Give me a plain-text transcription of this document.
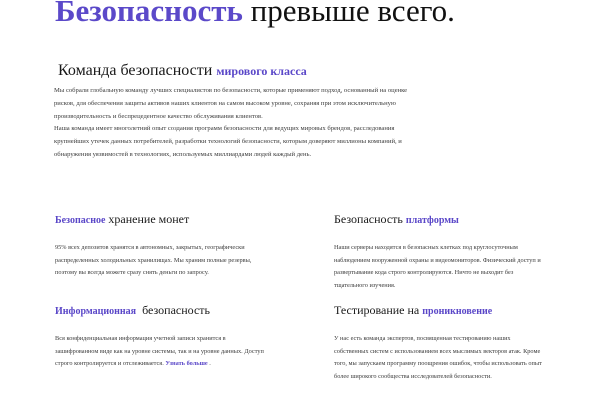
Безопасность превыше всего.
Команда безопасности мирового класса

Мы собрали глобальную команду лучших специалистов по безопасности, которые применяют подход, основанный на оценке рисков, для обеспечения защиты активов наших клиентов на самом высоком уровне, сохраняя при этом исключительную производительность и беспрецедентное качество обслуживания клиентов.

Наша команда имеет многолетний опыт создания программ безопасности для ведущих мировых брендов, расследования крупнейших утечек данных потребителей, разработки технологий безопасности, которым доверяют миллионы компаний, и обнаружения уязвимостей в технологиях, используемых миллиардами людей каждый день.

Безопасное хранение монет
95% всех депозитов хранятся в автономных, закрытых, географически распределенных холодильных хранилищах. Мы храним полные резервы, поэтому вы всегда можете сразу снять деньги по запросу.
Безопасность платформы
Наши серверы находятся в безопасных клетках под круглосуточным наблюдением вооруженной охраны и видеомониторов. Физический доступ и развертывание кода строго контролируются. Ничто не выходит без тщательного изучения.
Информационная  безопасность
Вся конфиденциальная информация учетной записи хранится в зашифрованном виде как на уровне системы, так и на уровне данных. Доступ строго контролируется и отслеживается. Узнать больше .
Тестирование на проникновение
У нас есть команда экспертов, посвященная тестированию наших собственных систем с использованием всех мыслимых векторов атак. Кроме того, мы запускаем программу поощрения ошибок, чтобы использовать опыт более широкого сообщества исследователей безопасности.
